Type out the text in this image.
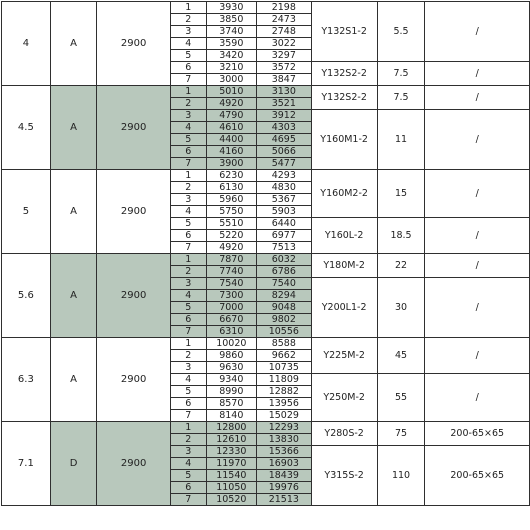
4	A	2900	1	3930	2198	Y132S1-2	5.5	/
			2	3850	2473			
			3	3740	2748			
			4	3590	3022			
			5	3420	3297			
			6	3210	3572	Y132S2-2	7.5	/
			7	3000	3847			
4.5	A	2900	1	5010	3130	Y132S2-2	7.5	/
			2	4920	3521			
			3	4790	3912	Y160M1-2	11	/
			4	4610	4303			
			5	4400	4695			
			6	4160	5066			
			7	3900	5477			
5	A	2900	1	6230	4293	Y160M2-2	15	/
			2	6130	4830			
			3	5960	5367			
			4	5750	5903			
			5	5510	6440	Y160L-2	18.5	/
			6	5220	6977			
			7	4920	7513			
5.6	A	2900	1	7870	6032	Y180M-2	22	/
			2	7740	6786			
			3	7540	7540	Y200L1-2	30	/
			4	7300	8294			
			5	7000	9048			
			6	6670	9802			
			7	6310	10556			
6.3	A	2900	1	10020	8588	Y225M-2	45	/
			2	9860	9662			
			3	9630	10735			
			4	9340	11809	Y250M-2	55	/
			5	8990	12882			
			6	8570	13956			
			7	8140	15029			
7.1	D	2900	1	12800	12293	Y280S-2	75	200-65×65
			2	12610	13830			
			3	12330	15366	Y315S-2	110	200-65×65
			4	11970	16903			
			5	11540	18439			
			6	11050	19976			
			7	10520	21513			
